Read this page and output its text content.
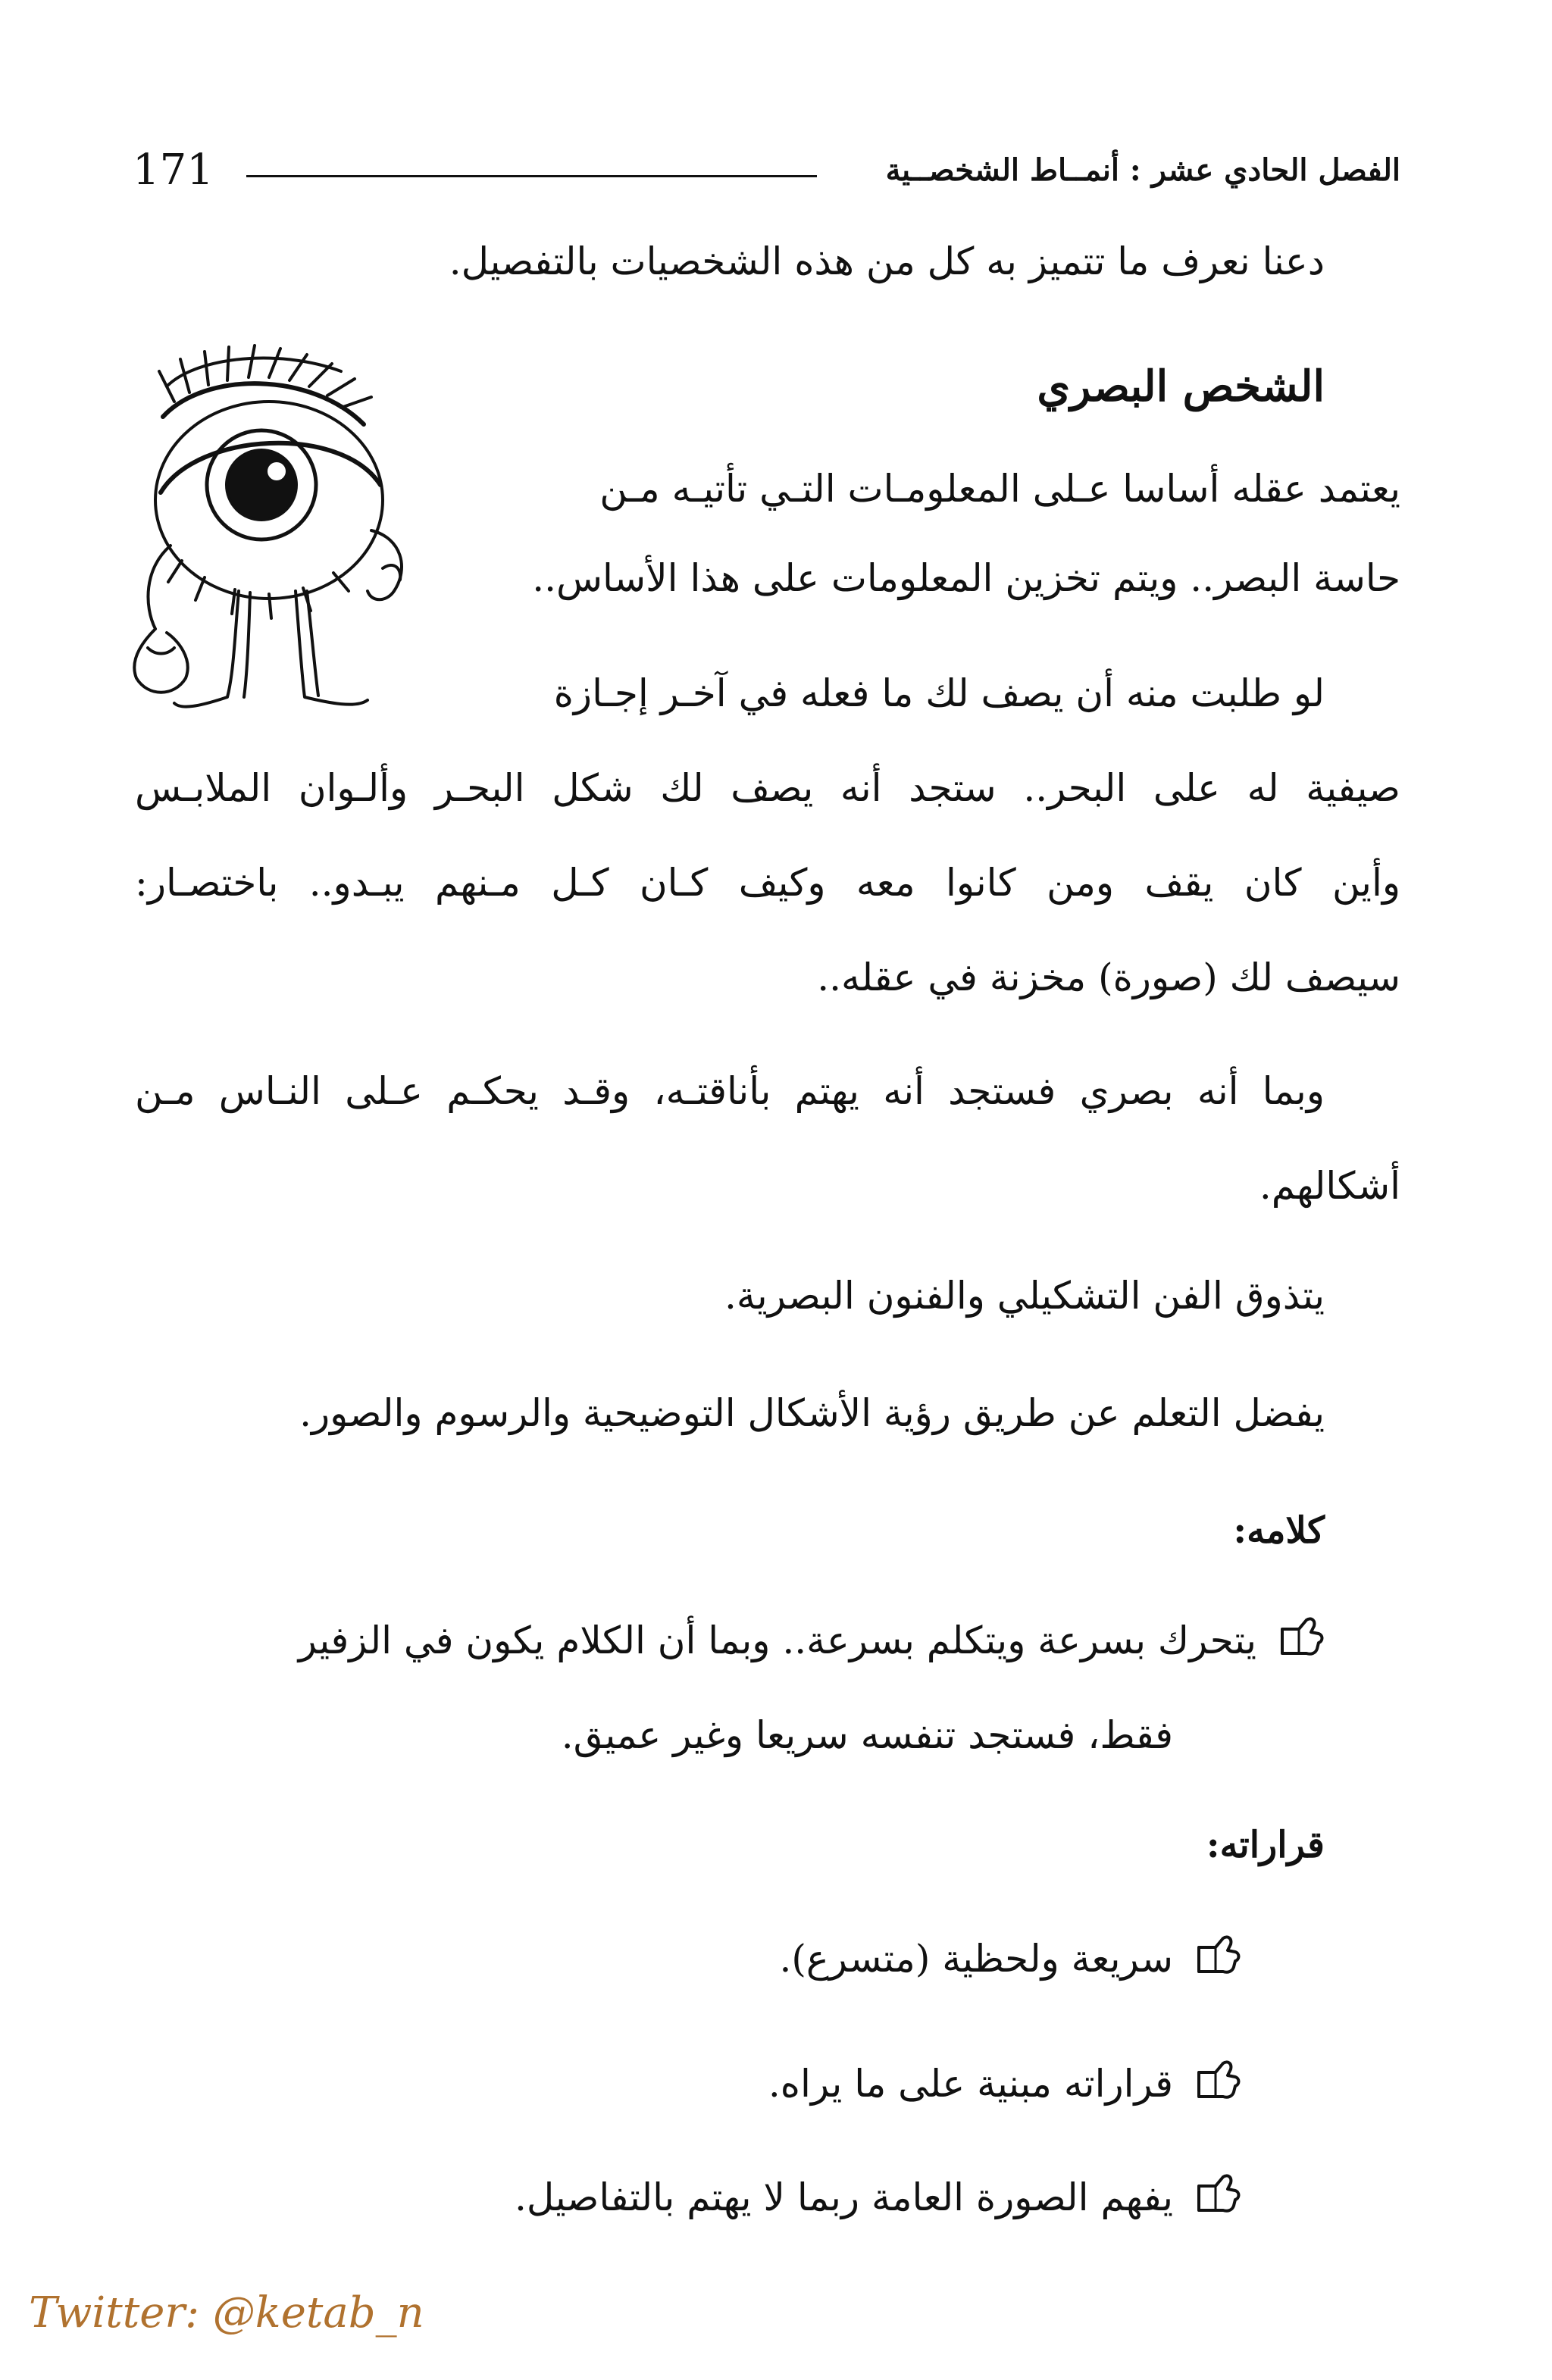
171	الفصل الحادي عشر : أنمــاط الشخصــية
دعنا نعرف ما تتميز به كل من هذه الشخصيات بالتفصيل.
الشخص البصري
يعتمد عقله أساسا عـلى المعلومـات التـي تأتيـه مـن
حاسة البصر.. ويتم تخزين المعلومات على هذا الأساس..
لو طلبت منه أن يصف لك ما فعله في آخـر إجـازة
صيفية له على البحر.. ستجد أنه يصف لك شكل البحـر وألـوان الملابـس
وأين كان يقف ومن كانوا معه وكيف كـان كـل مـنهم يبـدو.. باختصـار:
سيصف لك (صورة) مخزنة في عقله..
وبما أنه بصري فستجد أنه يهتم بأناقتـه، وقـد يحكـم عـلى النـاس مـن
أشكالهم.
يتذوق الفن التشكيلي والفنون البصرية.
يفضل التعلم عن طريق رؤية الأشكال التوضيحية والرسوم والصور.
كلامه:
يتحرك بسرعة ويتكلم بسرعة.. وبما أن الكلام يكون في الزفير
فقط، فستجد تنفسه سريعا وغير عميق.
قراراته:
سريعة ولحظية (متسرع).
قراراته مبنية على ما يراه.
يفهم الصورة العامة ربما لا يهتم بالتفاصيل.
Twitter: @ketab_n
